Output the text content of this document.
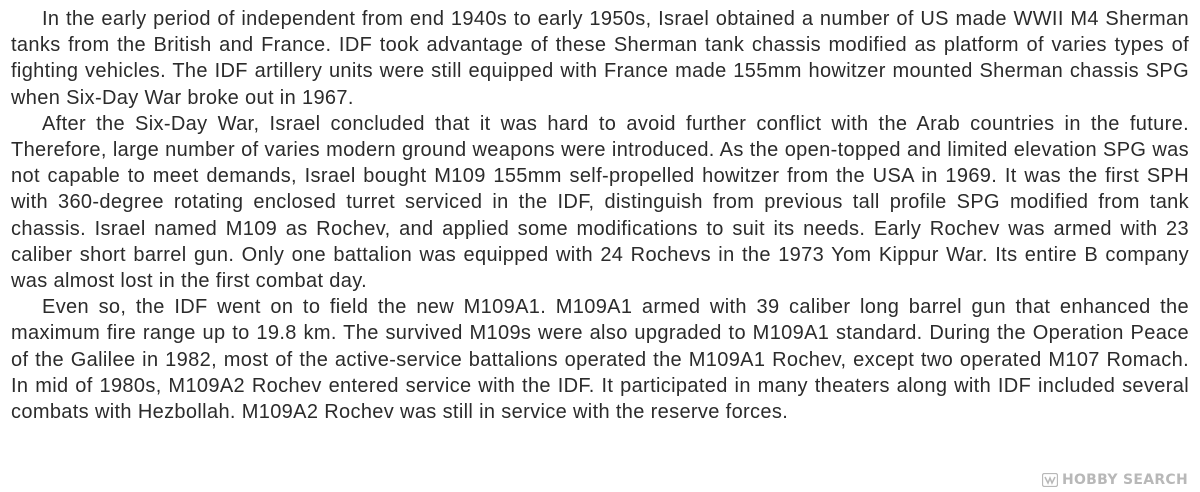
In the early period of independent from end 1940s to early 1950s, Israel obtained a number of US made WWII M4 Sherman tanks from the British and France. IDF took advantage of these Sherman tank chassis modified as platform of varies types of fighting vehicles. The IDF artillery units were still equipped with France made 155mm howitzer mounted Sherman chassis SPG when Six-Day War broke out in 1967.

After the Six-Day War, Israel concluded that it was hard to avoid further conflict with the Arab countries in the future. Therefore, large number of varies modern ground weapons were introduced. As the open-topped and limited elevation SPG was not capable to meet demands, Israel bought M109 155mm self-propelled howitzer from the USA in 1969. It was the first SPH with 360-degree rotating enclosed turret serviced in the IDF, distinguish from previous tall profile SPG modified from tank chassis. Israel named M109 as Rochev, and applied some modifications to suit its needs. Early Rochev was armed with 23 caliber short barrel gun. Only one battalion was equipped with 24 Rochevs in the 1973 Yom Kippur War. Its entire B company was almost lost in the first combat day.

Even so, the IDF went on to field the new M109A1. M109A1 armed with 39 caliber long barrel gun that enhanced the maximum fire range up to 19.8 km. The survived M109s were also upgraded to M109A1 standard. During the Operation Peace of the Galilee in 1982, most of the active-service battalions operated the M109A1 Rochev, except two operated M107 Romach. In mid of 1980s, M109A2 Rochev entered service with the IDF. It participated in many theaters along with IDF included several combats with Hezbollah. M109A2 Rochev was still in service with the reserve forces.

HOBBY SEARCH
